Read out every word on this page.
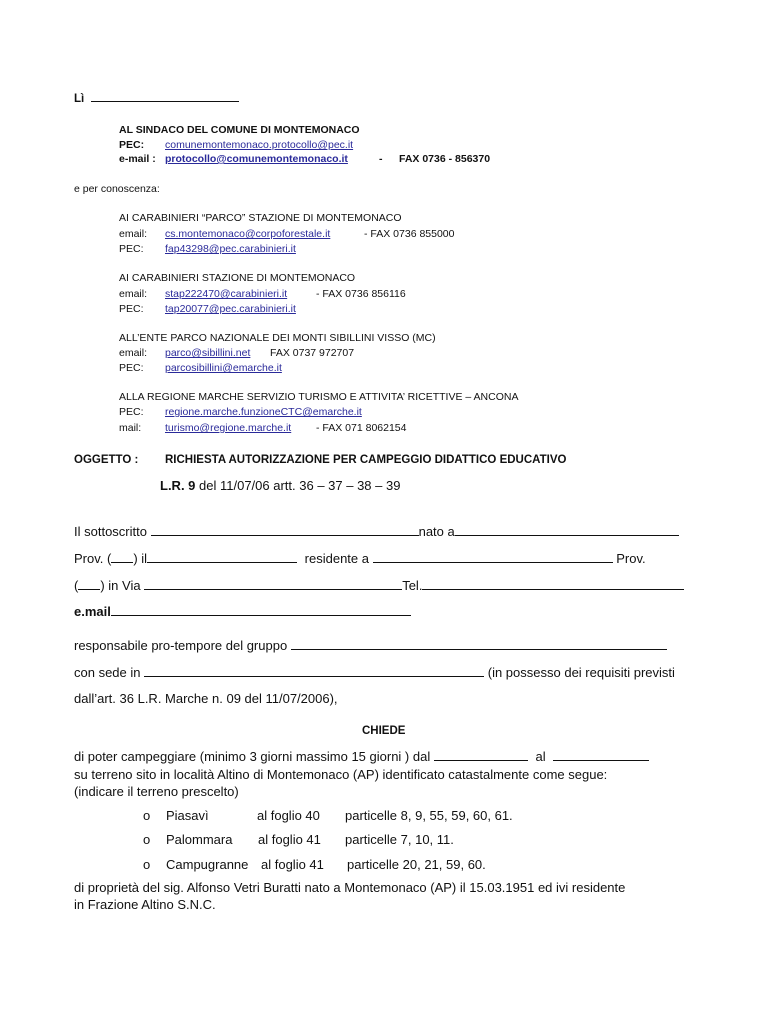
Lì
AL SINDACO DEL COMUNE DI MONTEMONACO
PEC: comunemontemonaco.protocollo@pec.it
e-mail : protocollo@comunemontemonaco.it	- FAX 0736 - 856370
e per conoscenza:
AI CARABINIERI “PARCO” STAZIONE DI MONTEMONACO
email: cs.montemonaco@corpoforestale.it	- FAX 0736 855000
PEC: fap43298@pec.carabinieri.it
AI CARABINIERI STAZIONE DI MONTEMONACO
email: stap222470@carabinieri.it	- FAX 0736 856116
PEC: tap20077@pec.carabinieri.it
ALL’ENTE PARCO NAZIONALE DEI MONTI SIBILLINI VISSO (MC)
email: parco@sibillini.net FAX 0737 972707
PEC: parcosibillini@emarche.it
ALLA REGIONE MARCHE SERVIZIO TURISMO E ATTIVITA’ RICETTIVE – ANCONA
PEC: regione.marche.funzioneCTC@emarche.it
mail: turismo@regione.marche.it - FAX 071 8062154
OGGETTO : RICHIESTA AUTORIZZAZIONE PER CAMPEGGIO DIDATTICO EDUCATIVO
L.R. 9 del 11/07/06 artt. 36 – 37 – 38 – 39
Il sottoscritto	nato a
Prov. ( ) il	residente a	Prov.
( ) in Via	Tel.
e.mail
responsabile pro-tempore del gruppo
con sede in	(in possesso dei requisiti previsti
dall’art. 36 L.R. Marche n. 09 del 11/07/2006),
CHIEDE
di poter campeggiare (minimo 3 giorni massimo 15 giorni ) dal	al
su terreno sito in località Altino di Montemonaco (AP) identificato catastalmente come segue:
(indicare il terreno prescelto)
o Piasavì	al foglio 40 particelle 8, 9, 55, 59, 60, 61.
o Palommara al foglio 41 particelle 7, 10, 11.
o Campugranne al foglio 41 particelle 20, 21, 59, 60.
di proprietà del sig. Alfonso Vetri Buratti nato a Montemonaco (AP) il 15.03.1951 ed ivi residente
in Frazione Altino S.N.C.
